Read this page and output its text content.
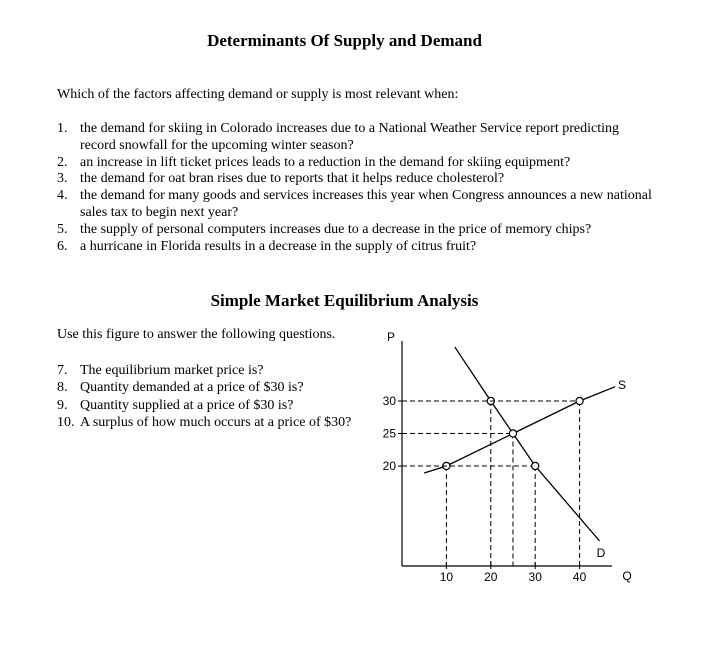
Determinants Of Supply and Demand

Which of the factors affecting demand or supply is most relevant when:

1. the demand for skiing in Colorado increases due to a National Weather Service report predicting record snowfall for the upcoming winter season?
2. an increase in lift ticket prices leads to a reduction in the demand for skiing equipment?
3. the demand for oat bran rises due to reports that it helps reduce cholesterol?
4. the demand for many goods and services increases this year when Congress announces a new national sales tax to begin next year?
5. the supply of personal computers increases due to a decrease in the price of memory chips?
6. a hurricane in Florida results in a decrease in the supply of citrus fruit?
Simple Market Equilibrium Analysis

Use this figure to answer the following questions.

7. The equilibrium market price is?
8. Quantity demanded at a price of $30 is?
9. Quantity supplied at a price of $30 is?
10. A surplus of how much occurs at a price of $30?
P
Q
10	20	30	40
20
25
30
S
D
